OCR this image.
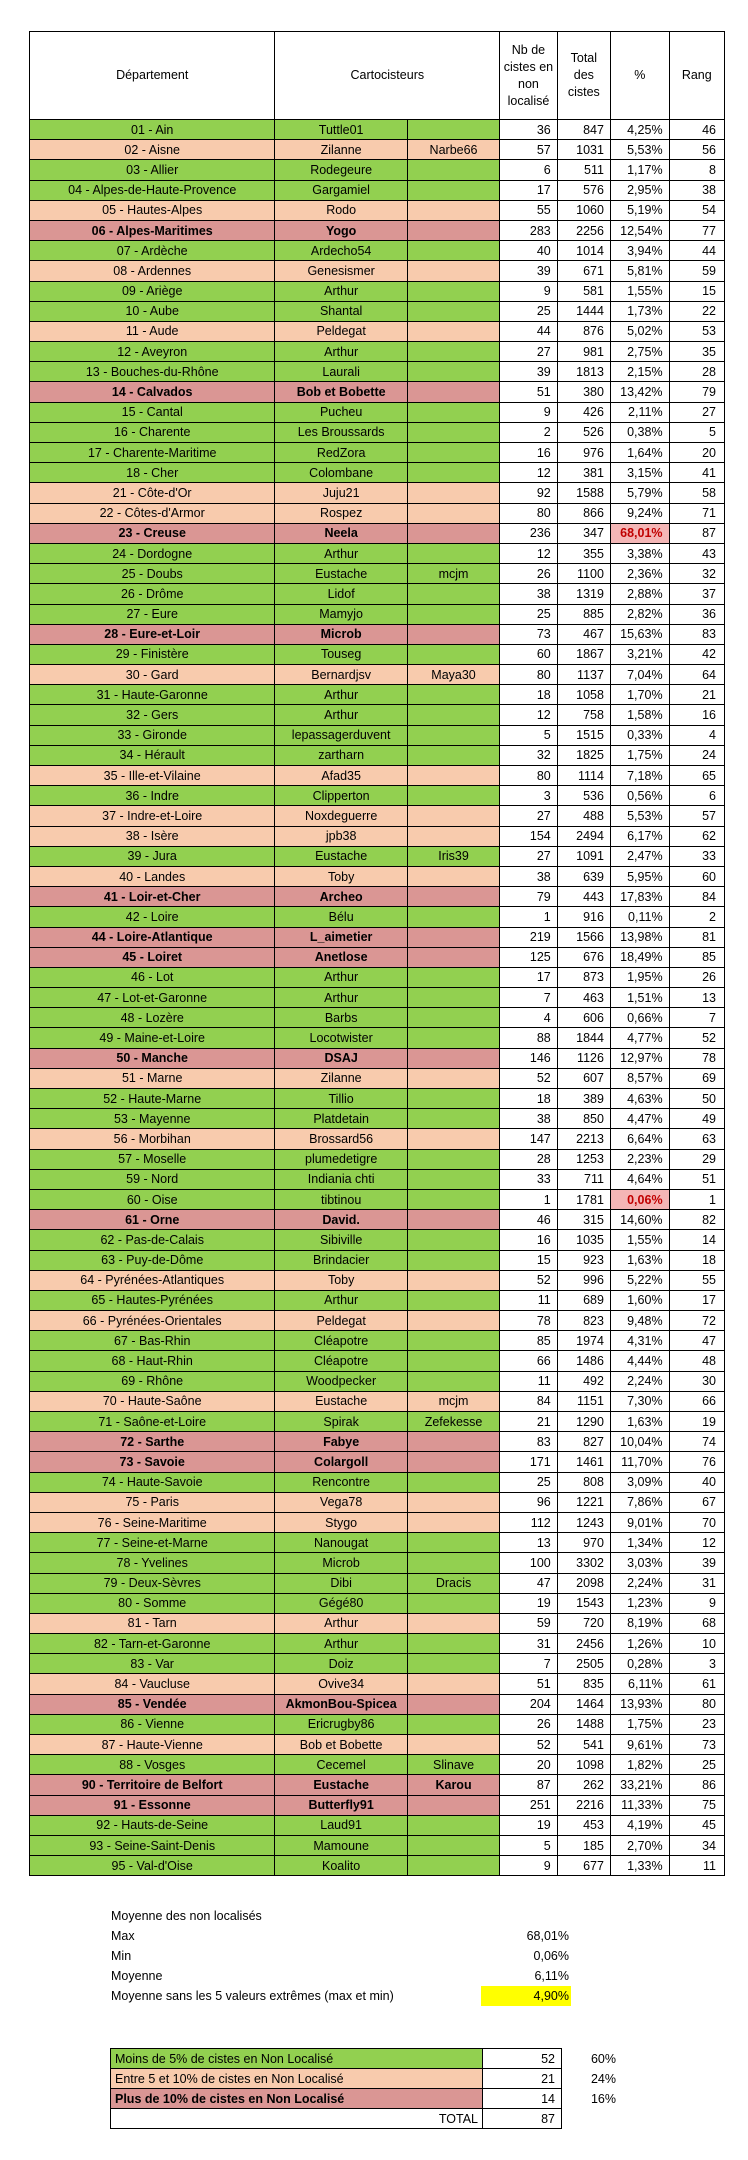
Département	Cartocisteurs		Nb de cistes en non localisé	Total des cistes	%	Rang
01 - Ain	Tuttle01		36	847	4,25%	46
02 - Aisne	Zilanne	Narbe66	57	1031	5,53%	56
03 - Allier	Rodegeure		6	511	1,17%	8
04 - Alpes-de-Haute-Provence	Gargamiel		17	576	2,95%	38
05 - Hautes-Alpes	Rodo		55	1060	5,19%	54
06 - Alpes-Maritimes	Yogo		283	2256	12,54%	77
07 - Ardèche	Ardecho54		40	1014	3,94%	44
08 - Ardennes	Genesismer		39	671	5,81%	59
09 - Ariège	Arthur		9	581	1,55%	15
10 - Aube	Shantal		25	1444	1,73%	22
11 - Aude	Peldegat		44	876	5,02%	53
12 - Aveyron	Arthur		27	981	2,75%	35
13 - Bouches-du-Rhône	Laurali		39	1813	2,15%	28
14 - Calvados	Bob et Bobette		51	380	13,42%	79
15 - Cantal	Pucheu		9	426	2,11%	27
16 - Charente	Les Broussards		2	526	0,38%	5
17 - Charente-Maritime	RedZora		16	976	1,64%	20
18 - Cher	Colombane		12	381	3,15%	41
21 - Côte-d'Or	Juju21		92	1588	5,79%	58
22 - Côtes-d'Armor	Rospez		80	866	9,24%	71
23 - Creuse	Neela		236	347	68,01%	87
24 - Dordogne	Arthur		12	355	3,38%	43
25 - Doubs	Eustache	mcjm	26	1100	2,36%	32
26 - Drôme	Lidof		38	1319	2,88%	37
27 - Eure	Mamyjo		25	885	2,82%	36
28 - Eure-et-Loir	Microb		73	467	15,63%	83
29 - Finistère	Touseg		60	1867	3,21%	42
30 - Gard	Bernardjsv	Maya30	80	1137	7,04%	64
31 - Haute-Garonne	Arthur		18	1058	1,70%	21
32 - Gers	Arthur		12	758	1,58%	16
33 - Gironde	lepassagerduvent		5	1515	0,33%	4
34 - Hérault	zartharn		32	1825	1,75%	24
35 - Ille-et-Vilaine	Afad35		80	1114	7,18%	65
36 - Indre	Clipperton		3	536	0,56%	6
37 - Indre-et-Loire	Noxdeguerre		27	488	5,53%	57
38 - Isère	jpb38		154	2494	6,17%	62
39 - Jura	Eustache	Iris39	27	1091	2,47%	33
40 - Landes	Toby		38	639	5,95%	60
41 - Loir-et-Cher	Archeo		79	443	17,83%	84
42 - Loire	Bélu		1	916	0,11%	2
44 - Loire-Atlantique	L_aimetier		219	1566	13,98%	81
45 - Loiret	Anetlose		125	676	18,49%	85
46 - Lot	Arthur		17	873	1,95%	26
47 - Lot-et-Garonne	Arthur		7	463	1,51%	13
48 - Lozère	Barbs		4	606	0,66%	7
49 - Maine-et-Loire	Locotwister		88	1844	4,77%	52
50 - Manche	DSAJ		146	1126	12,97%	78
51 - Marne	Zilanne		52	607	8,57%	69
52 - Haute-Marne	Tillio		18	389	4,63%	50
53 - Mayenne	Platdetain		38	850	4,47%	49
56 - Morbihan	Brossard56		147	2213	6,64%	63
57 - Moselle	plumedetigre		28	1253	2,23%	29
59 - Nord	Indiania chti		33	711	4,64%	51
60 - Oise	tibtinou		1	1781	0,06%	1
61 - Orne	David.		46	315	14,60%	82
62 - Pas-de-Calais	Sibiville		16	1035	1,55%	14
63 - Puy-de-Dôme	Brindacier		15	923	1,63%	18
64 - Pyrénées-Atlantiques	Toby		52	996	5,22%	55
65 - Hautes-Pyrénées	Arthur		11	689	1,60%	17
66 - Pyrénées-Orientales	Peldegat		78	823	9,48%	72
67 - Bas-Rhin	Cléapotre		85	1974	4,31%	47
68 - Haut-Rhin	Cléapotre		66	1486	4,44%	48
69 - Rhône	Woodpecker		11	492	2,24%	30
70 - Haute-Saône	Eustache	mcjm	84	1151	7,30%	66
71 - Saône-et-Loire	Spirak	Zefekesse	21	1290	1,63%	19
72 - Sarthe	Fabye		83	827	10,04%	74
73 - Savoie	Colargoll		171	1461	11,70%	76
74 - Haute-Savoie	Rencontre		25	808	3,09%	40
75 - Paris	Vega78		96	1221	7,86%	67
76 - Seine-Maritime	Stygo		112	1243	9,01%	70
77 - Seine-et-Marne	Nanougat		13	970	1,34%	12
78 - Yvelines	Microb		100	3302	3,03%	39
79 - Deux-Sèvres	Dibi	Dracis	47	2098	2,24%	31
80 - Somme	Gégé80		19	1543	1,23%	9
81 - Tarn	Arthur		59	720	8,19%	68
82 - Tarn-et-Garonne	Arthur		31	2456	1,26%	10
83 - Var	Doiz		7	2505	0,28%	3
84 - Vaucluse	Ovive34		51	835	6,11%	61
85 - Vendée	AkmonBou-Spicea		204	1464	13,93%	80
86 - Vienne	Ericrugby86		26	1488	1,75%	23
87 - Haute-Vienne	Bob et Bobette		52	541	9,61%	73
88 - Vosges	Cecemel	Slinave	20	1098	1,82%	25
90 - Territoire de Belfort	Eustache	Karou	87	262	33,21%	86
91 - Essonne	Butterfly91		251	2216	11,33%	75
92 - Hauts-de-Seine	Laud91		19	453	4,19%	45
93 - Seine-Saint-Denis	Mamoune		5	185	2,70%	34
95 - Val-d'Oise	Koalito		9	677	1,33%	11
Moyenne des non localisés
Max	68,01%
Min	0,06%
Moyenne	6,11%
Moyenne sans les 5 valeurs extrêmes (max et min)	4,90%
Moins de 5% de cistes en Non Localisé	52	60%
Entre 5 et 10% de cistes en Non Localisé	21	24%
Plus de 10% de cistes en Non Localisé	14	16%
TOTAL	87	
